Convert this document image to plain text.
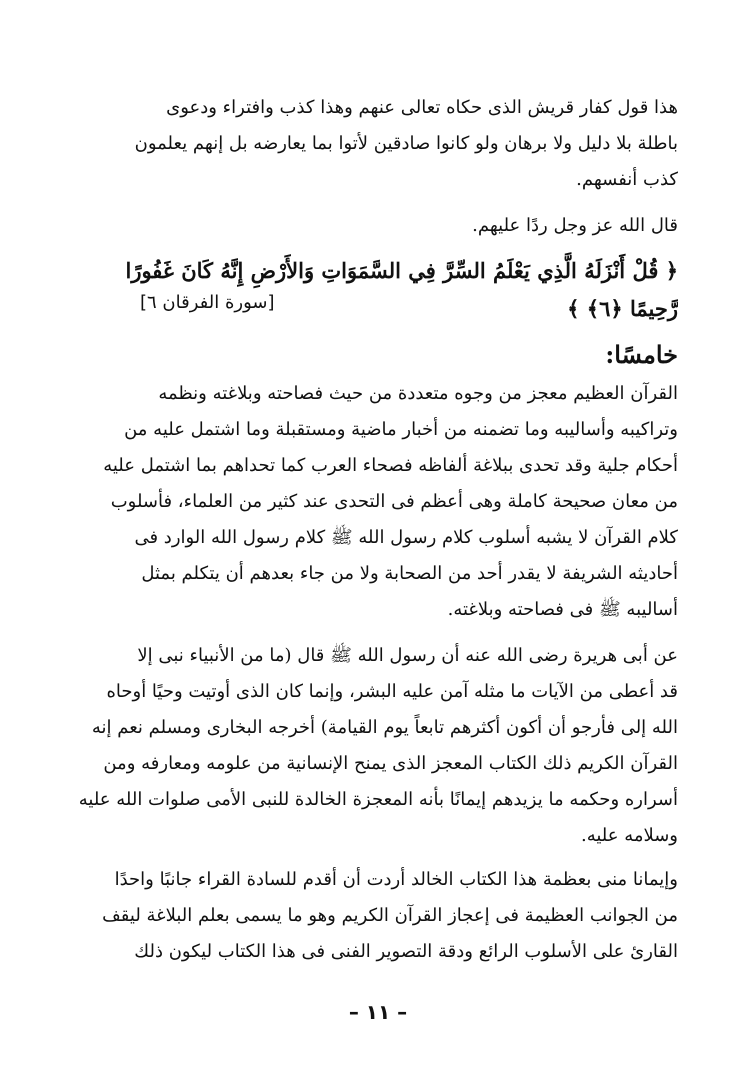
هذا قول كفار قريش الذى حكاه تعالى عنهم وهذا كذب وافتراء ودعوى
باطلة بلا دليل ولا برهان ولو كانوا صادقين لأتوا بما يعارضه بل إنهم يعلمون
كذب أنفسهم.
قال الله عز وجل ردًا عليهم.
﴿ قُلْ أَنْزَلَهُ الَّذِي يَعْلَمُ السِّرَّ فِي السَّمَوَاتِ وَالأَرْضِ إِنَّهُ كَانَ غَفُورًا
رَّحِيمًا ﴿٦﴾ ﴾
[سورة الفرقان ٦]
خامسًا:
القرآن العظيم معجز من وجوه متعددة من حيث فصاحته وبلاغته ونظمه
وتراكيبه وأساليبه وما تضمنه من أخبار ماضية ومستقبلة وما اشتمل عليه من
أحكام جلية وقد تحدى ببلاغة ألفاظه فصحاء العرب كما تحداهم بما اشتمل عليه
من معان صحيحة كاملة وهى أعظم فى التحدى عند كثير من العلماء، فأسلوب
كلام القرآن لا يشبه أسلوب كلام رسول الله ﷺ كلام رسول الله الوارد فى
أحاديثه الشريفة لا يقدر أحد من الصحابة ولا من جاء بعدهم أن يتكلم بمثل
أساليبه ﷺ فى فصاحته وبلاغته.
عن أبى هريرة رضى الله عنه أن رسول الله ﷺ قال (ما من الأنبياء نبى إلا
قد أعطى من الآيات ما مثله آمن عليه البشر، وإنما كان الذى أوتيت وحيًا أوحاه
الله إلى فأرجو أن أكون أكثرهم تابعاً يوم القيامة) أخرجه البخارى ومسلم نعم إنه
القرآن الكريم ذلك الكتاب المعجز الذى يمنح الإنسانية من علومه ومعارفه ومن
أسراره وحكمه ما يزيدهم إيمانًا بأنه المعجزة الخالدة للنبى الأمى صلوات الله عليه
وسلامه عليه.
وإيمانا منى بعظمة هذا الكتاب الخالد أردت أن أقدم للسادة القراء جانبًا واحدًا
من الجوانب العظيمة فى إعجاز القرآن الكريم وهو ما يسمى بعلم البلاغة ليقف
القارئ على الأسلوب الرائع ودقة التصوير الفنى فى هذا الكتاب ليكون ذلك
– ١١ –
